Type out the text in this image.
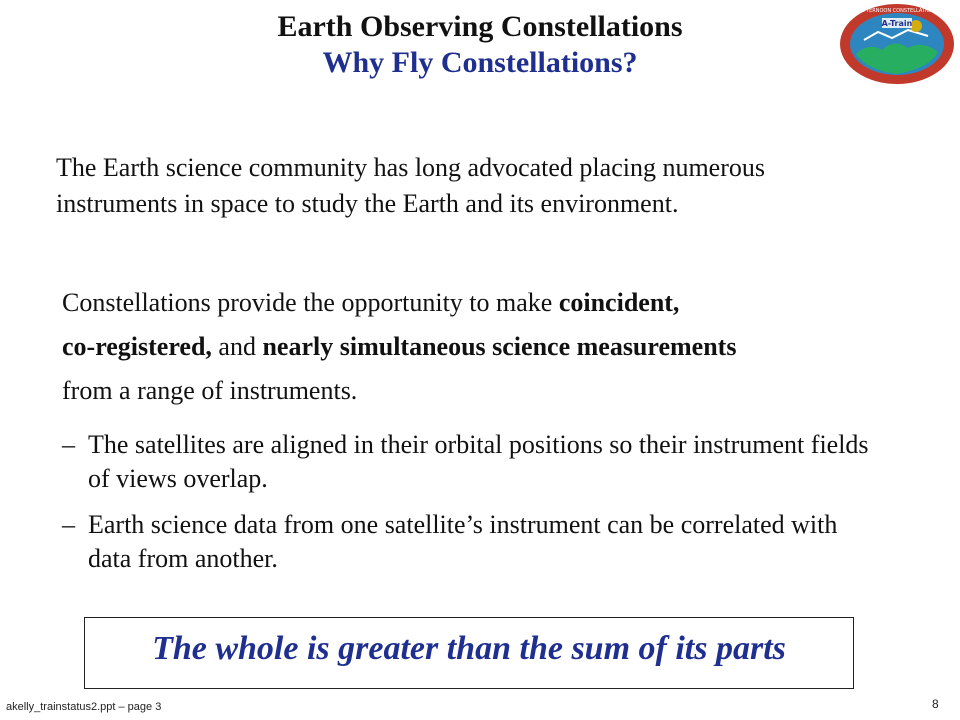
Earth Observing Constellations
Why Fly Constellations?
A-Train
AFTERNOON CONSTELLATION
The Earth science community has long advocated placing numerous instruments in space to study the Earth and its environment.
Constellations provide the opportunity to make coincident,
co-registered, and nearly simultaneous science measurements
from a range of instruments.
– The satellites are aligned in their orbital positions so their instrument fields of views overlap.
– Earth science data from one satellite’s instrument can be correlated with data from another.
The whole is greater than the sum of its parts
akelly_trainstatus2.ppt – page 3	8
